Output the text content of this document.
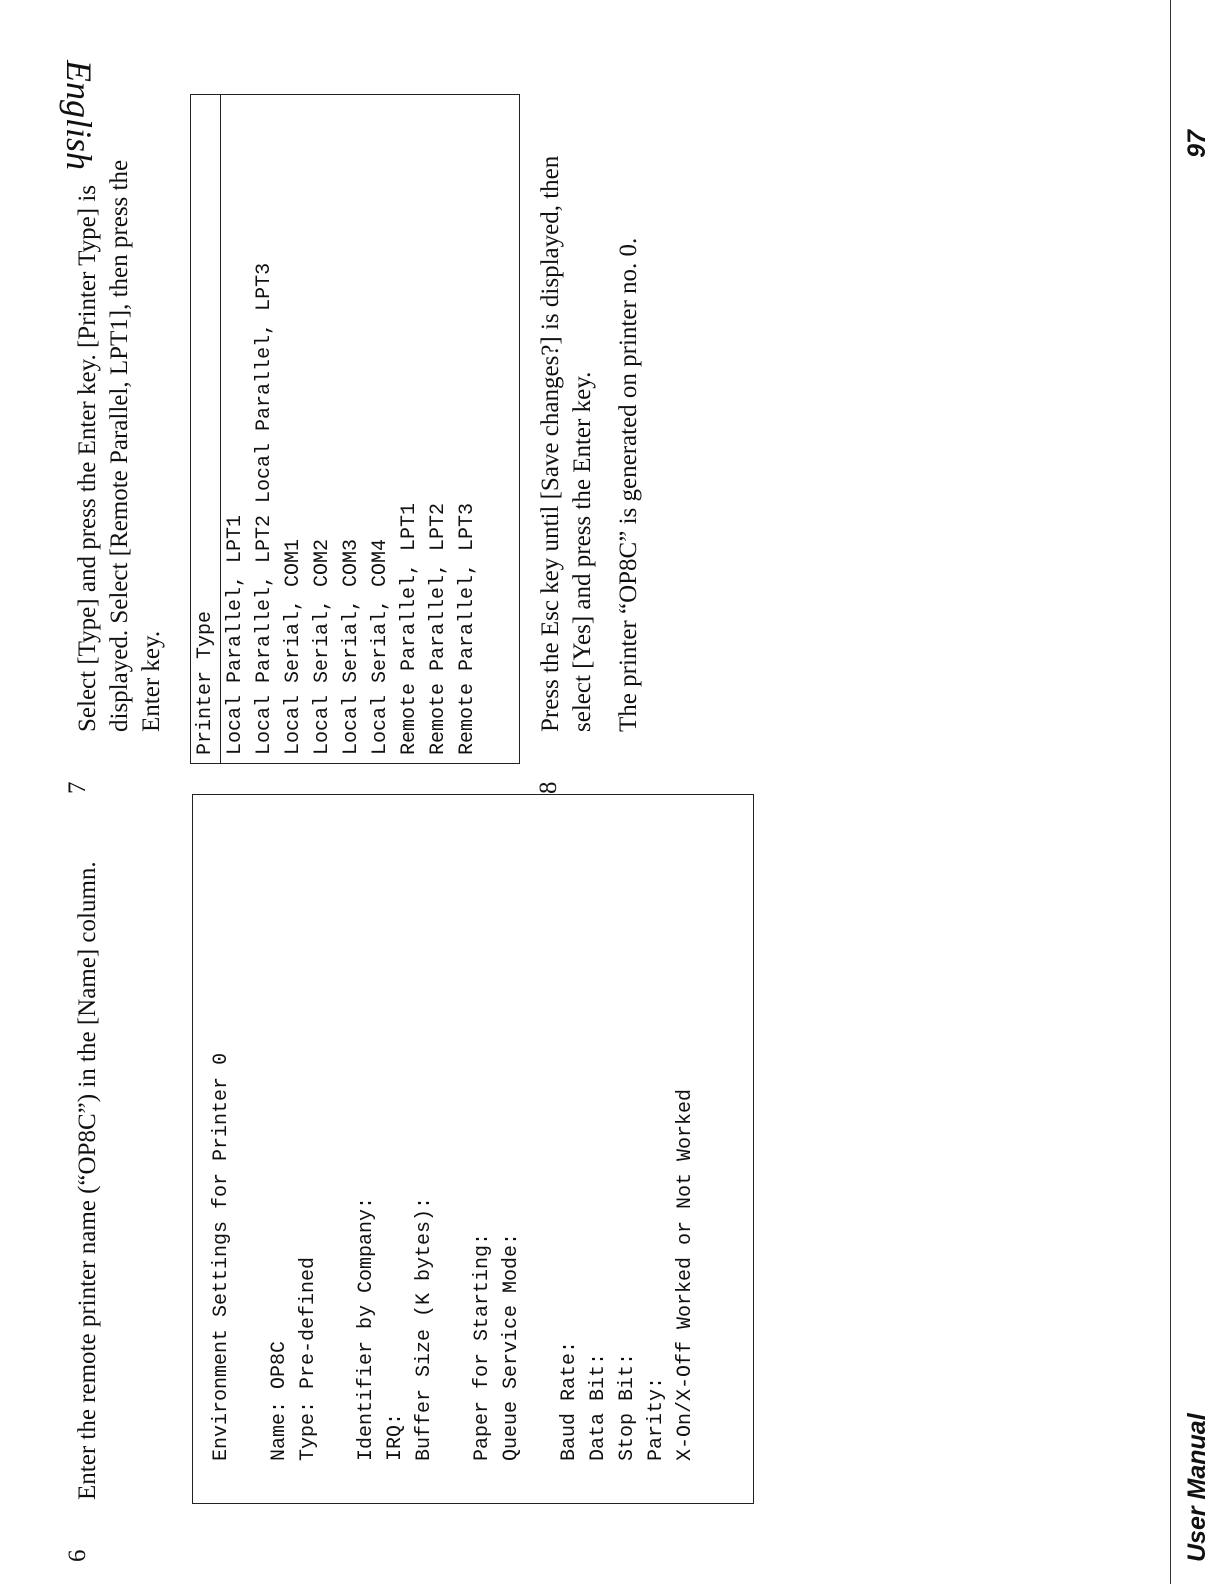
English
6

Enter the remote printer name (“OP8C”) in the [Name] column.	Environment Settings for Printer 0 Name: OP8C Type: Pre-defined Identifier by Company: IRQ: Buffer Size (K bytes): Paper for Starting: Queue Service Mode: Baud Rate: Data Bit: Stop Bit: Parity: X-On/X-Off Worked or Not Worked
7

Select [Type] and press the Enter key. [Printer Type] is displayed. Select [Remote Parallel, LPT1], then press the Enter key. Printer Type Local Parallel, LPT1 Local Parallel, LPT2 Local Parallel, LPT3 Local Serial, COM1 Local Serial, COM2 Local Serial, COM3 Local Serial, COM4 Remote Parallel, LPT1 Remote Parallel, LPT2 Remote Parallel, LPT3
8

Press the Esc key until [Save changes?] is displayed, then select [Yes] and press the Enter key. The printer “OP8C” is generated on printer no. 0.

User Manual
97
